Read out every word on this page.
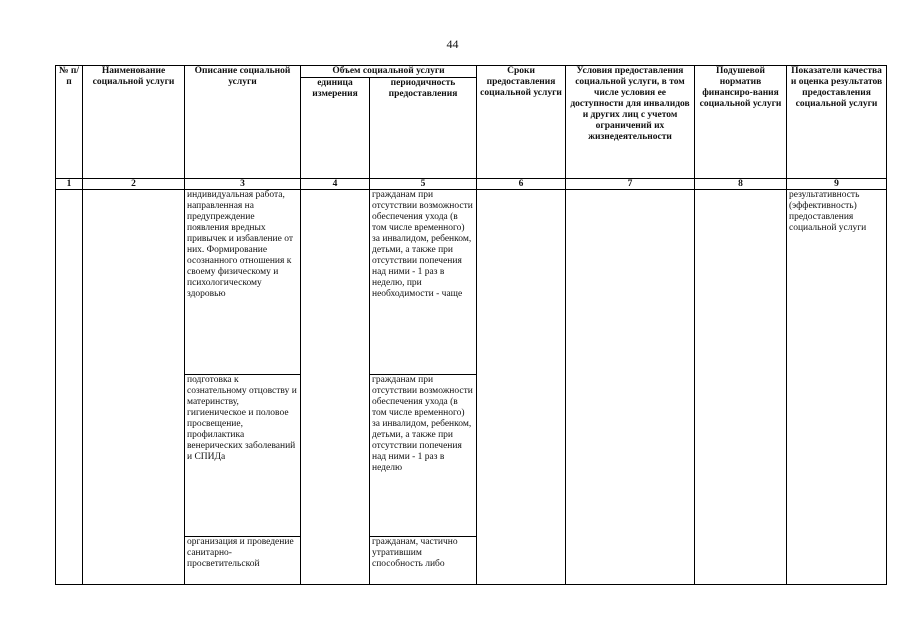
44
№ п/п	Наименование социальной услуги	Описание социальной услуги	Объем социальной услуги		Сроки предоставления социальной услуги	Условия предоставления социальной услуги, в том числе условия ее доступности для инвалидов и других лиц с учетом ограничений их жизнедеятельности	Подушевой норматив финансиро-вания социальной услуги	Показатели качества и оценка результатов предоставления социальной услуги
			единица измерения	периодичность предоставления				
1	2	3	4	5	6	7	8	9
		индивидуальная работа, направленная на предупреждение появления вредных привычек и избавление от них. Формирование осознанного отношения к своему физическому и психологическому здоровью		гражданам при отсутствии возможности обеспечения ухода (в том числе временного) за инвалидом, ребенком, детьми, а также при отсутствии попечения над ними - 1 раз в неделю, при необходимости - чаще				результативность (эффективность) предоставления социальной услуги
		подготовка к сознательному отцовству и материнству, гигиеническое и половое просвещение, профилактика венерических заболеваний и СПИДа		гражданам при отсутствии возможности обеспечения ухода (в том числе временного) за инвалидом, ребенком, детьми, а также при отсутствии попечения над ними - 1 раз в неделю				
		организация и проведение санитарно-просветительской		гражданам, частично утратившим способность либо				
